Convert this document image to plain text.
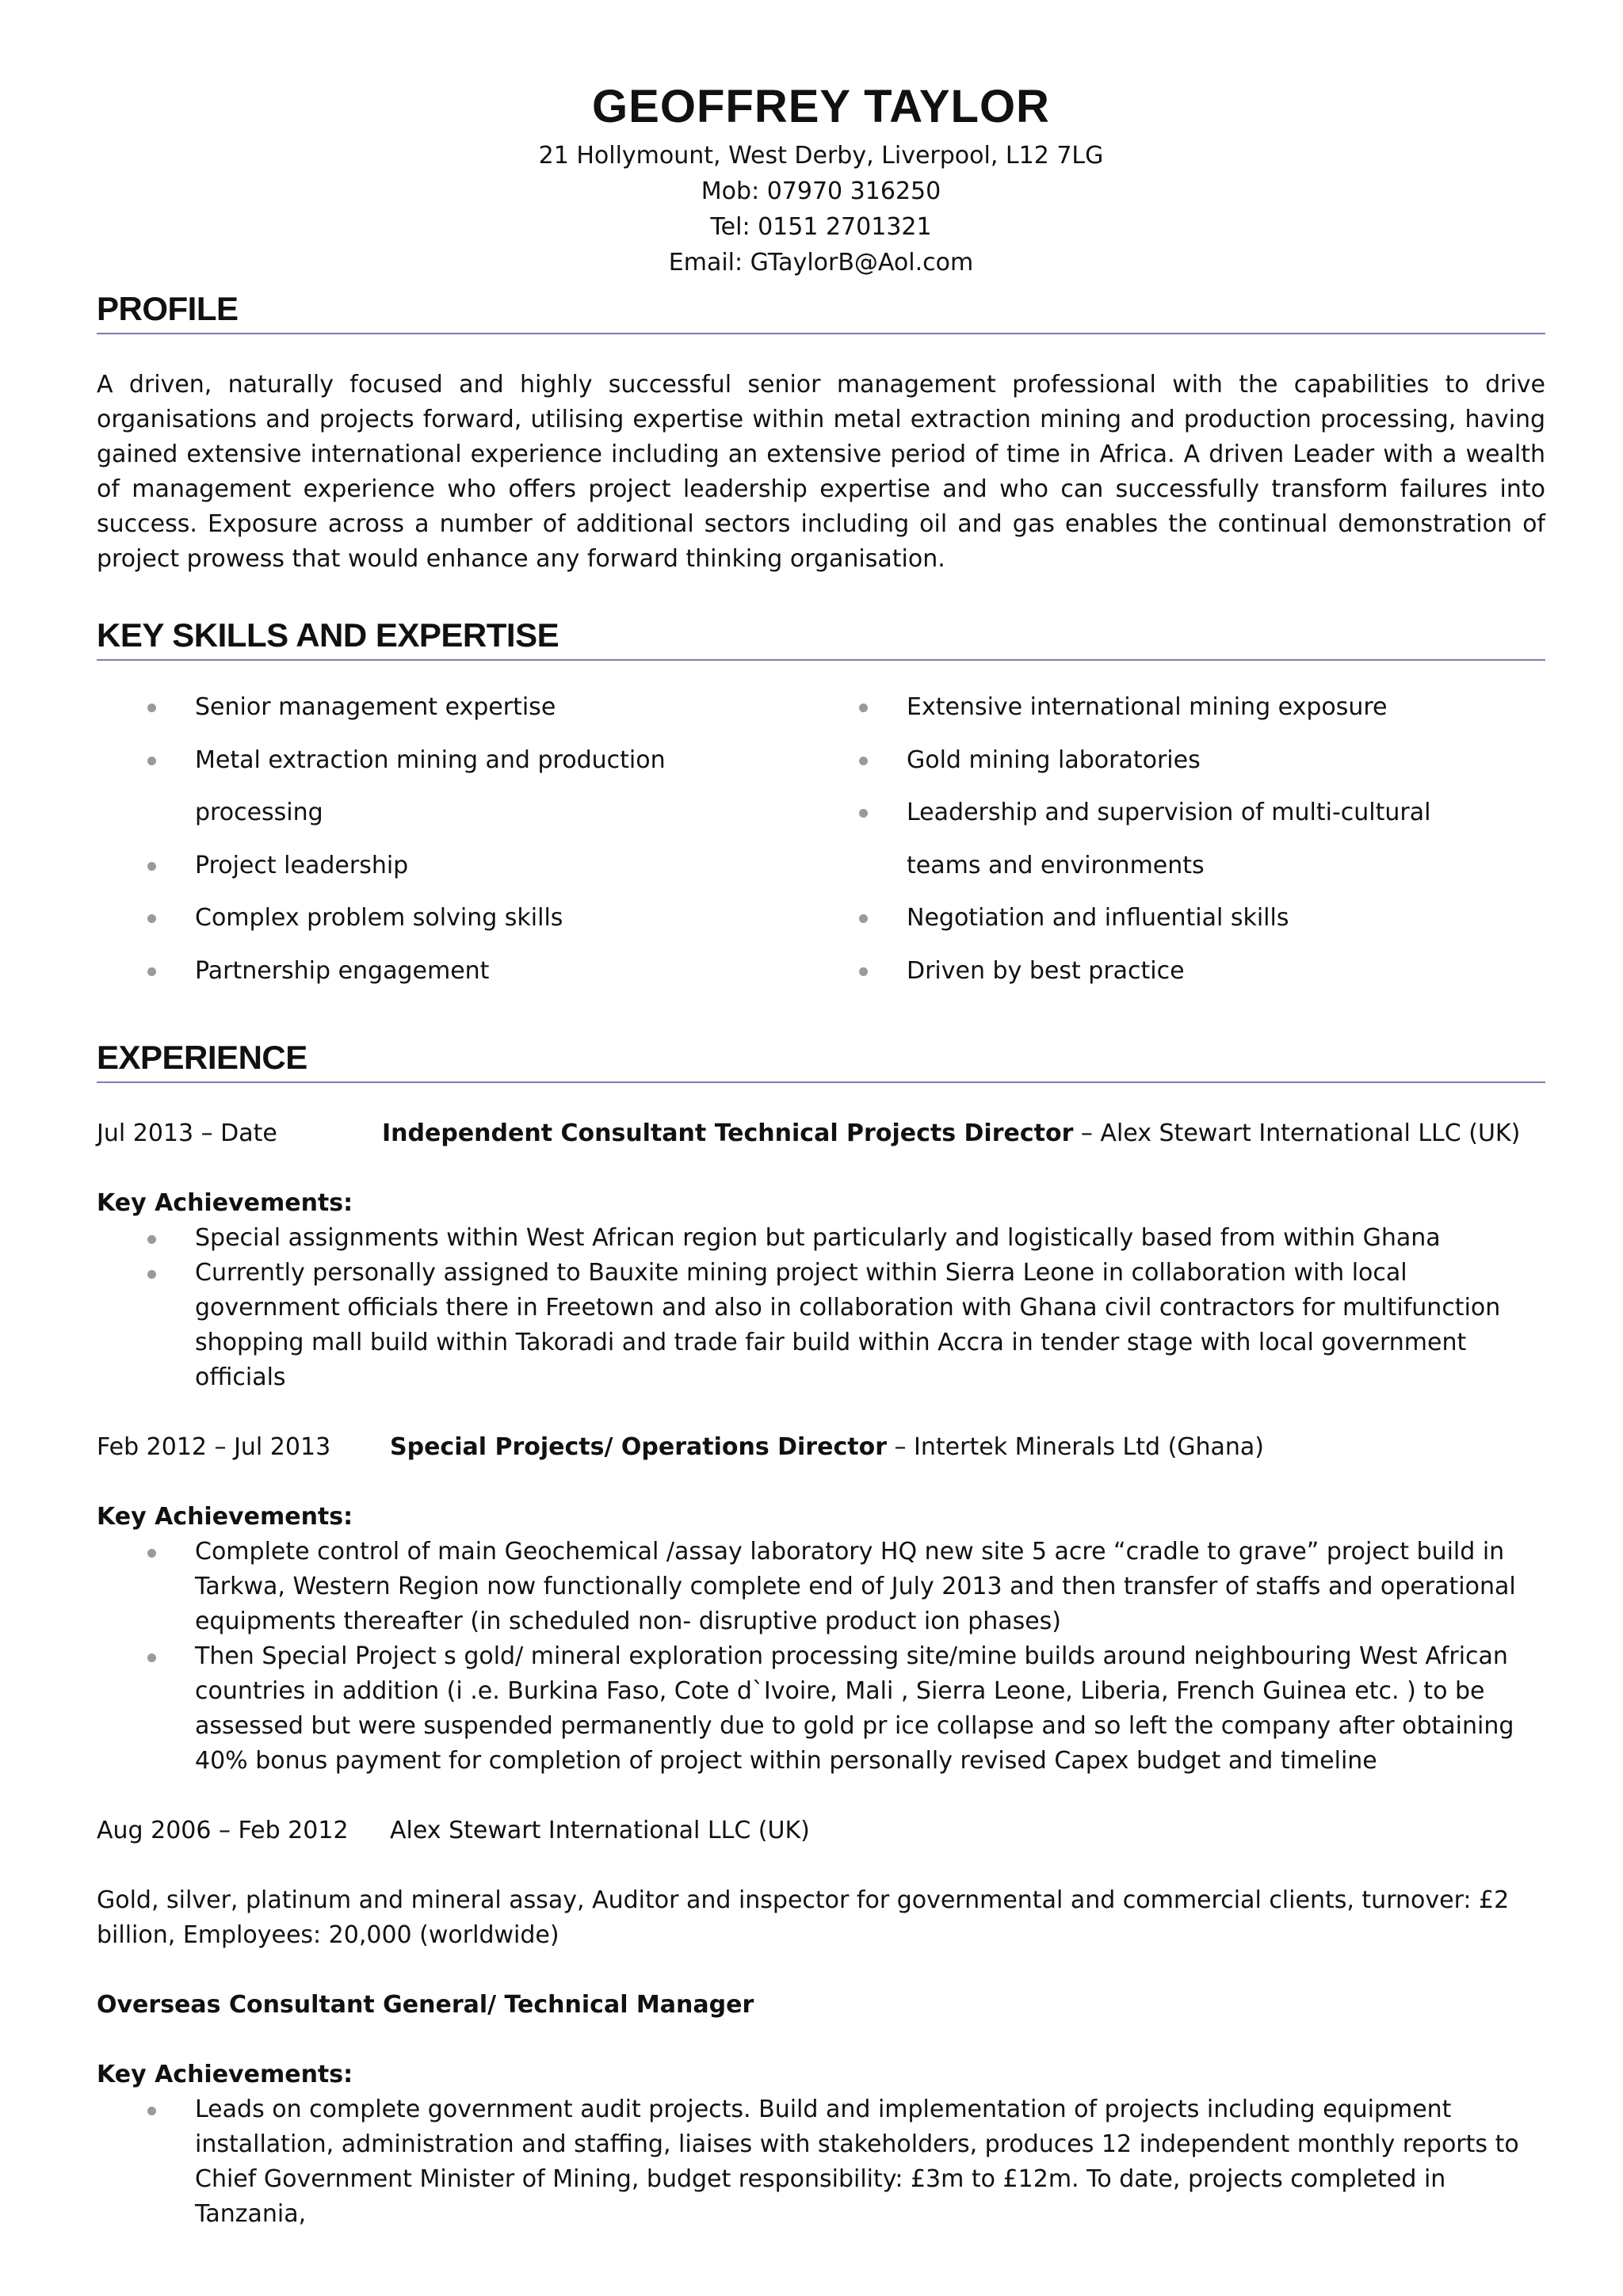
GEOFFREY TAYLOR
21 Hollymount, West Derby, Liverpool, L12 7LG
Mob: 07970 316250
Tel: 0151 2701321
Email: GTaylorB@Aol.com
PROFILE

A driven, naturally focused and highly successful senior management professional with the capabilities to drive organisations and projects forward, utilising expertise within metal extraction mining and production processing, having gained extensive international experience including an extensive period of time in Africa. A driven Leader with a wealth of management experience who offers project leadership expertise and who can successfully transform failures into success. Exposure across a number of additional sectors including oil and gas enables the continual demonstration of project prowess that would enhance any forward thinking organisation.

KEY SKILLS AND EXPERTISE
Senior management expertise
Metal extraction mining and production processing
Project leadership
Complex problem solving skills
Partnership engagement
Extensive international mining exposure
Gold mining laboratories
Leadership and supervision of multi-cultural teams and environments
Negotiation and influential skills
Driven by best practice
EXPERIENCE
Jul 2013 – Date	Independent Consultant Technical Projects Director – Alex Stewart International LLC (UK)
Key Achievements:
Special assignments within West African region but particularly and logistically based from within Ghana
Currently personally assigned to Bauxite mining project within Sierra Leone in collaboration with local government officials there in Freetown and also in collaboration with Ghana civil contractors for multifunction shopping mall build within Takoradi and trade fair build within Accra in tender stage with local government officials
Feb 2012 – Jul 2013	Special Projects/ Operations Director – Intertek Minerals Ltd (Ghana)
Key Achievements:
Complete control of main Geochemical /assay laboratory HQ new site 5 acre “cradle to grave” project build in Tarkwa, Western Region now functionally complete end of July 2013 and then transfer of staffs and operational equipments thereafter (in scheduled non- disruptive product ion phases)
Then Special Project s gold/ mineral exploration processing site/mine builds around neighbouring West African countries in addition (i .e. Burkina Faso, Cote d`Ivoire, Mali , Sierra Leone, Liberia, French Guinea etc. ) to be assessed but were suspended permanently due to gold pr ice collapse and so left the company after obtaining 40% bonus payment for completion of project within personally revised Capex budget and timeline
Aug 2006 – Feb 2012	Alex Stewart International LLC (UK)
Gold, silver, platinum and mineral assay, Auditor and inspector for governmental and commercial clients, turnover: £2 billion, Employees: 20,000 (worldwide)
Overseas Consultant General/ Technical Manager
Key Achievements:
Leads on complete government audit projects. Build and implementation of projects including equipment installation, administration and staffing, liaises with stakeholders, produces 12 independent monthly reports to Chief Government Minister of Mining, budget responsibility: £3m to £12m. To date, projects completed in Tanzania,
